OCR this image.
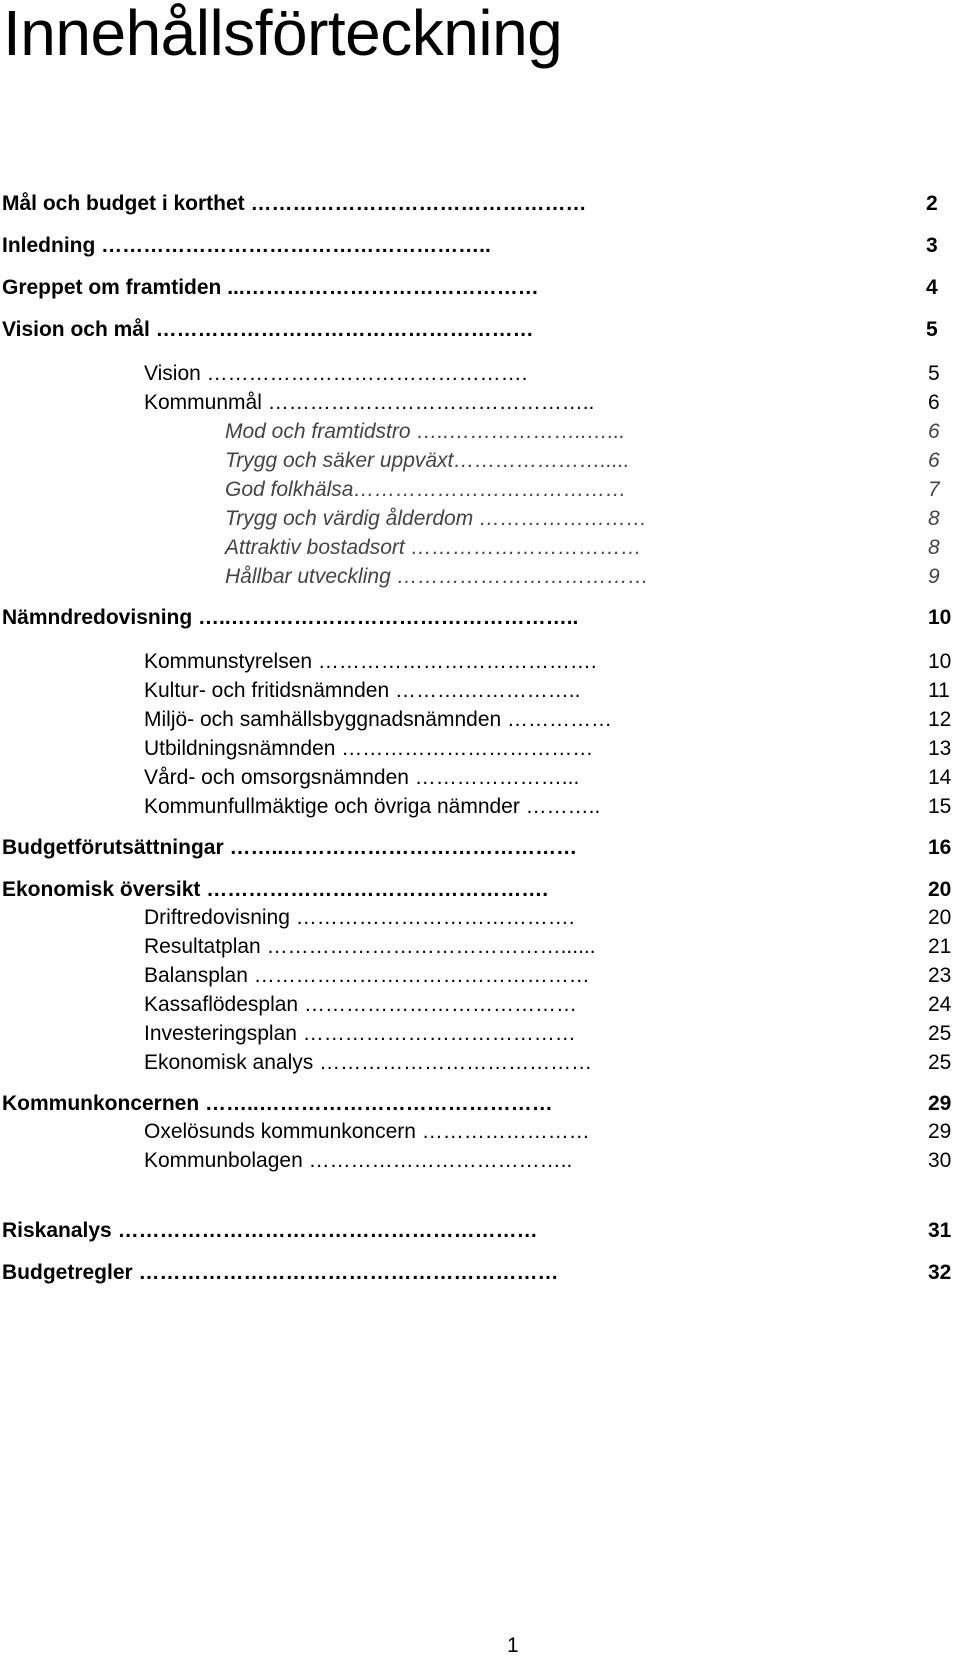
Innehållsförteckning
Mål och budget i korthet …………………………………………	2
Inledning ………………………………………………..	3
Greppet om framtiden ...……………………………………	4
Vision och mål ………………………………………………	5
Vision ……………………………………….	5
Kommunmål ………………………………………..	6
Mod och framtidstro …..………………..…...	6
Trygg och säker uppväxt………………….....	6
God folkhälsa…………………………………	7
Trygg och värdig ålderdom ……………………	8
Attraktiv bostadsort ……………………………	8
Hållbar utveckling ………………………………	9
Nämndredovisning …..…………………………………………..	10
Kommunstyrelsen ………………………………….	10
Kultur- och fritidsnämnden ……….……………..	11
Miljö- och samhällsbyggnadsnämnden ……………	12
Utbildningsnämnden ………………………………	13
Vård- och omsorgsnämnden …………………...	14
Kommunfullmäktige och övriga nämnder ………..	15
Budgetförutsättningar ……..……………………………………	16
Ekonomisk översikt ………………………………………….	20
Driftredovisning ………………………………….	20
Resultatplan ……………………………………......	21
Balansplan …………………………………………	23
Kassaflödesplan …………………………………	24
Investeringsplan …………………………………	25
Ekonomisk analys …………………………………	25
Kommunkoncernen ……..……………………………………	29
Oxelösunds kommunkoncern ……………………	29
Kommunbolagen ………………………………..	30
Riskanalys ……………………………………………………	31
Budgetregler ……………………………………………………	32
1
